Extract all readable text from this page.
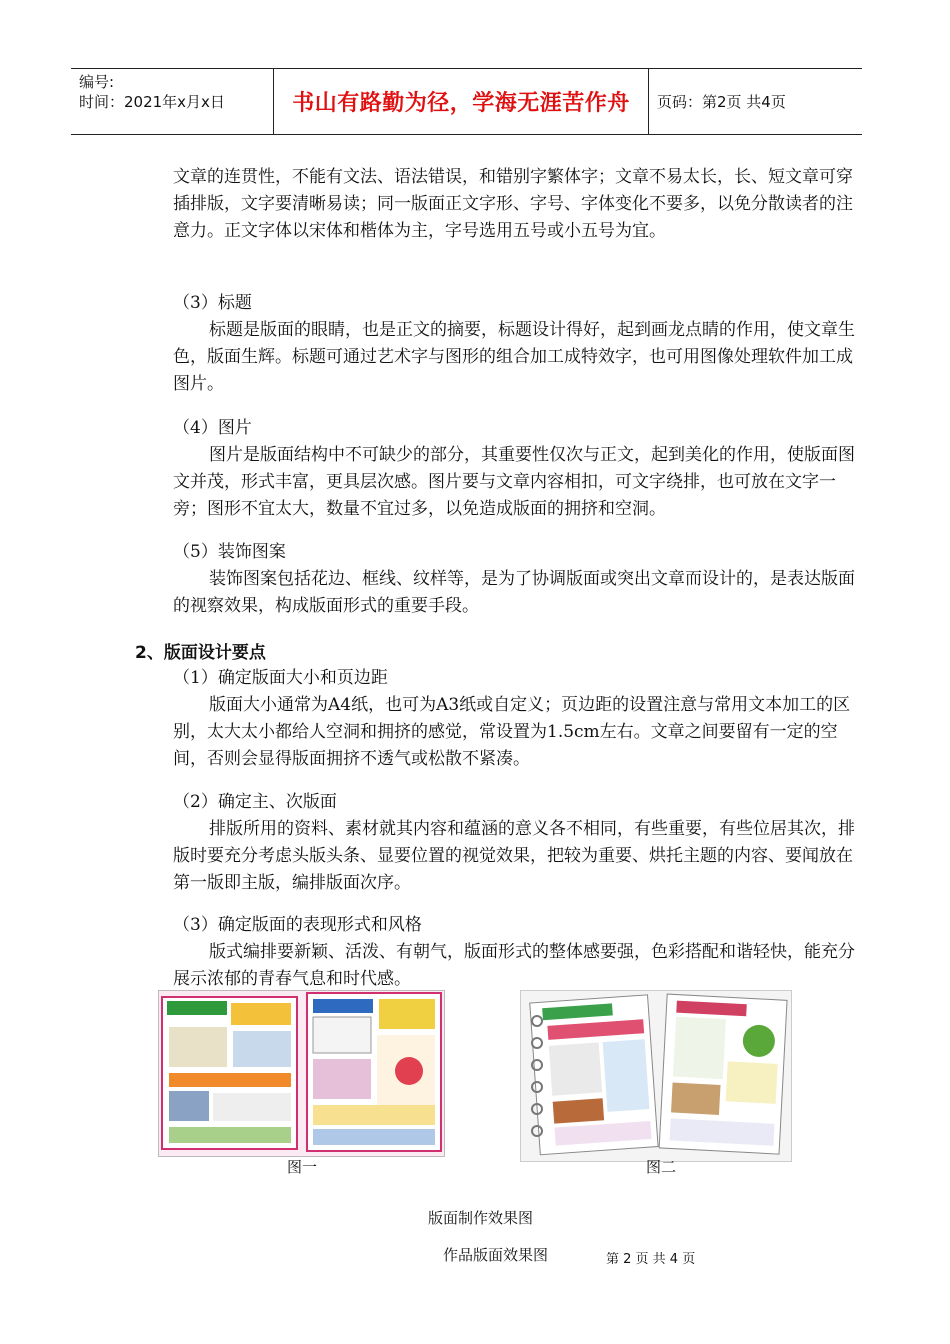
编号:
时间：2021年x月x日	书山有路勤为径，学海无涯苦作舟 页码：第2页 共4页

文章的连贯性，不能有文法、语法错误，和错别字繁体字；文章不易太长，长、短文章可穿插排版，文字要清晰易读；同一版面正文字形、字号、字体变化不要多，以免分散读者的注意力。正文字体以宋体和楷体为主，字号选用五号或小五号为宜。

（3）标题

标题是版面的眼睛，也是正文的摘要，标题设计得好，起到画龙点睛的作用，使文章生色，版面生辉。标题可通过艺术字与图形的组合加工成特效字，也可用图像处理软件加工成图片。

（4）图片

图片是版面结构中不可缺少的部分，其重要性仅次与正文，起到美化的作用，使版面图文并茂，形式丰富，更具层次感。图片要与文章内容相扣，可文字绕排，也可放在文字一旁；图形不宜太大，数量不宜过多，以免造成版面的拥挤和空洞。

（5）装饰图案

装饰图案包括花边、框线、纹样等，是为了协调版面或突出文章而设计的，是表达版面的视察效果，构成版面形式的重要手段。

2、版面设计要点
（1）确定版面大小和页边距

版面大小通常为A4纸，也可为A3纸或自定义；页边距的设置注意与常用文本加工的区别，太大太小都给人空洞和拥挤的感觉，常设置为1.5cm左右。文章之间要留有一定的空间，否则会显得版面拥挤不透气或松散不紧凑。

（2）确定主、次版面

排版所用的资料、素材就其内容和蕴涵的意义各不相同，有些重要，有些位居其次，排版时要充分考虑头版头条、显要位置的视觉效果，把较为重要、烘托主题的内容、要闻放在第一版即主版，编排版面次序。

（3）确定版面的表现形式和风格

版式编排要新颖、活泼、有朝气，版面形式的整体感要强，色彩搭配和谐轻快，能充分展示浓郁的青春气息和时代感。

图一	图二
版面制作效果图
作品版面效果图	第 2 页 共 4 页
